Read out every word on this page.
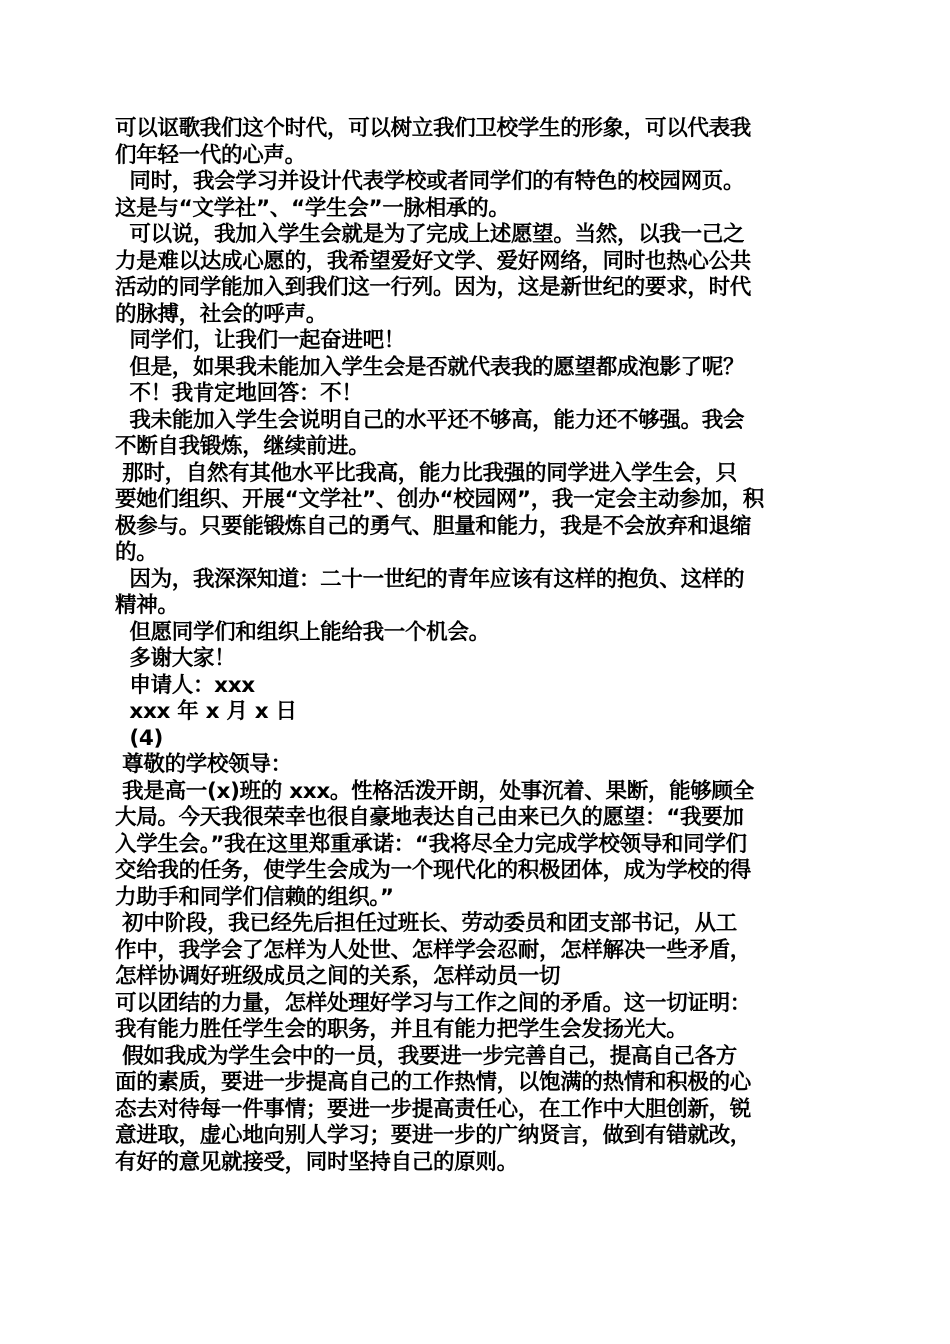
可以讴歌我们这个时代，可以树立我们卫校学生的形象，可以代表我
们年轻一代的心声。
同时，我会学习并设计代表学校或者同学们的有特色的校园网页。
这是与“文学社”、“学生会”一脉相承的。
可以说，我加入学生会就是为了完成上述愿望。当然，以我一己之
力是难以达成心愿的，我希望爱好文学、爱好网络，同时也热心公共
活动的同学能加入到我们这一行列。因为，这是新世纪的要求，时代
的脉搏，社会的呼声。
同学们，让我们一起奋进吧！
但是，如果我未能加入学生会是否就代表我的愿望都成泡影了呢？
不！我肯定地回答：不！
我未能加入学生会说明自己的水平还不够高，能力还不够强。我会
不断自我锻炼，继续前进。
那时，自然有其他水平比我高，能力比我强的同学进入学生会，只
要她们组织、开展“文学社”、创办“校园网”，我一定会主动参加，积
极参与。只要能锻炼自己的勇气、胆量和能力，我是不会放弃和退缩
的。
因为，我深深知道：二十一世纪的青年应该有这样的抱负、这样的
精神。
但愿同学们和组织上能给我一个机会。
多谢大家！
申请人：xxx
xxx 年 x 月 x 日
(4)
尊敬的学校领导：
我是高一(x)班的 xxx。性格活泼开朗，处事沉着、果断，能够顾全
大局。今天我很荣幸也很自豪地表达自己由来已久的愿望：“我要加
入学生会。”我在这里郑重承诺：“我将尽全力完成学校领导和同学们
交给我的任务，使学生会成为一个现代化的积极团体，成为学校的得
力助手和同学们信赖的组织。”
初中阶段，我已经先后担任过班长、劳动委员和团支部书记，从工
作中，我学会了怎样为人处世、怎样学会忍耐，怎样解决一些矛盾，
怎样协调好班级成员之间的关系，怎样动员一切
可以团结的力量，怎样处理好学习与工作之间的矛盾。这一切证明：
我有能力胜任学生会的职务，并且有能力把学生会发扬光大。
假如我成为学生会中的一员，我要进一步完善自己，提高自己各方
面的素质，要进一步提高自己的工作热情，以饱满的热情和积极的心
态去对待每一件事情；要进一步提高责任心，在工作中大胆创新，锐
意进取，虚心地向别人学习；要进一步的广纳贤言，做到有错就改，
有好的意见就接受，同时坚持自己的原则。
